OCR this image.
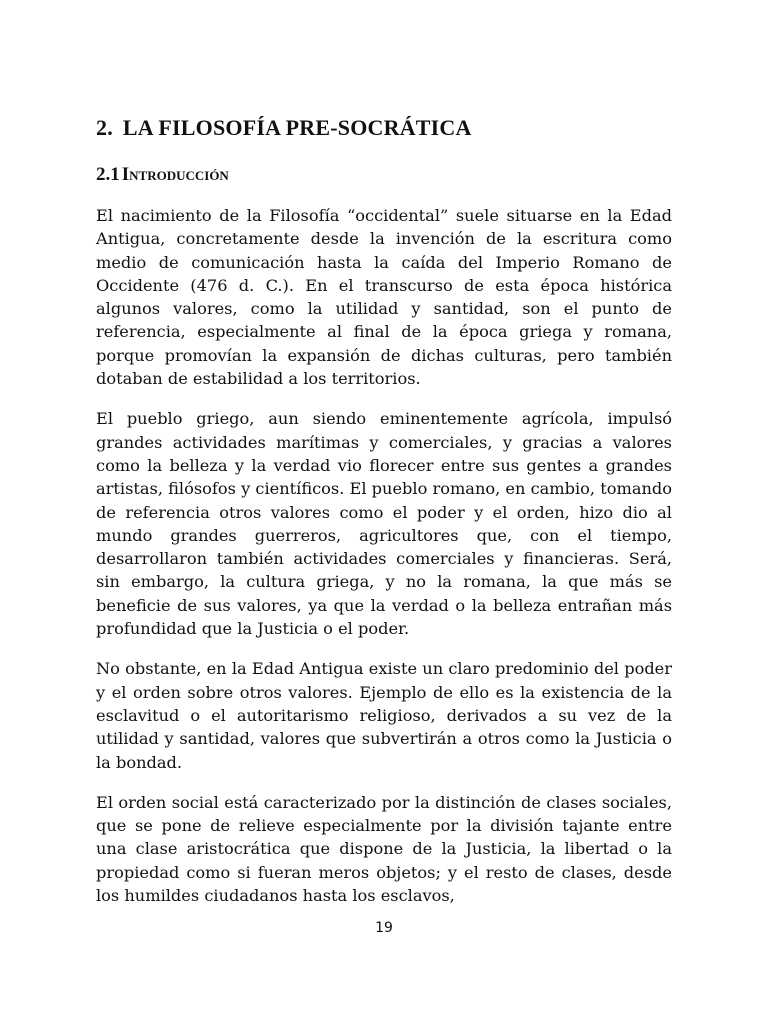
2. LA FILOSOFÍA PRE-SOCRÁTICA
2.1 Introducción

El nacimiento de la Filosofía “occidental” suele situarse en la Edad Antigua, concretamente desde la invención de la escritura como medio de comunicación hasta la caída del Imperio Romano de Occidente (476 d. C.). En el transcurso de esta época histórica algunos valores, como la utilidad y santidad, son el punto de referencia, especialmente al final de la época griega y romana, porque promovían la expansión de dichas culturas, pero también dotaban de estabilidad a los territorios.

El pueblo griego, aun siendo eminentemente agrícola, impulsó grandes actividades marítimas y comerciales, y gracias a valores como la belleza y la verdad vio florecer entre sus gentes a grandes artistas, filósofos y científicos. El pueblo romano, en cambio, tomando de referencia otros valores como el poder y el orden, hizo dio al mundo grandes guerreros, agricultores que, con el tiempo, desarrollaron también actividades comerciales y financieras. Será, sin embargo, la cultura griega, y no la romana, la que más se beneficie de sus valores, ya que la verdad o la belleza entrañan más profundidad que la Justicia o el poder.

No obstante, en la Edad Antigua existe un claro predominio del poder y el orden sobre otros valores. Ejemplo de ello es la existencia de la esclavitud o el autoritarismo religioso, derivados a su vez de la utilidad y santidad, valores que subvertirán a otros como la Justicia o la bondad.

El orden social está caracterizado por la distinción de clases sociales, que se pone de relieve especialmente por la división tajante entre una clase aristocrática que dispone de la Justicia, la libertad o la propiedad como si fueran meros objetos; y el resto de clases, desde los humildes ciudadanos hasta los esclavos,

19
